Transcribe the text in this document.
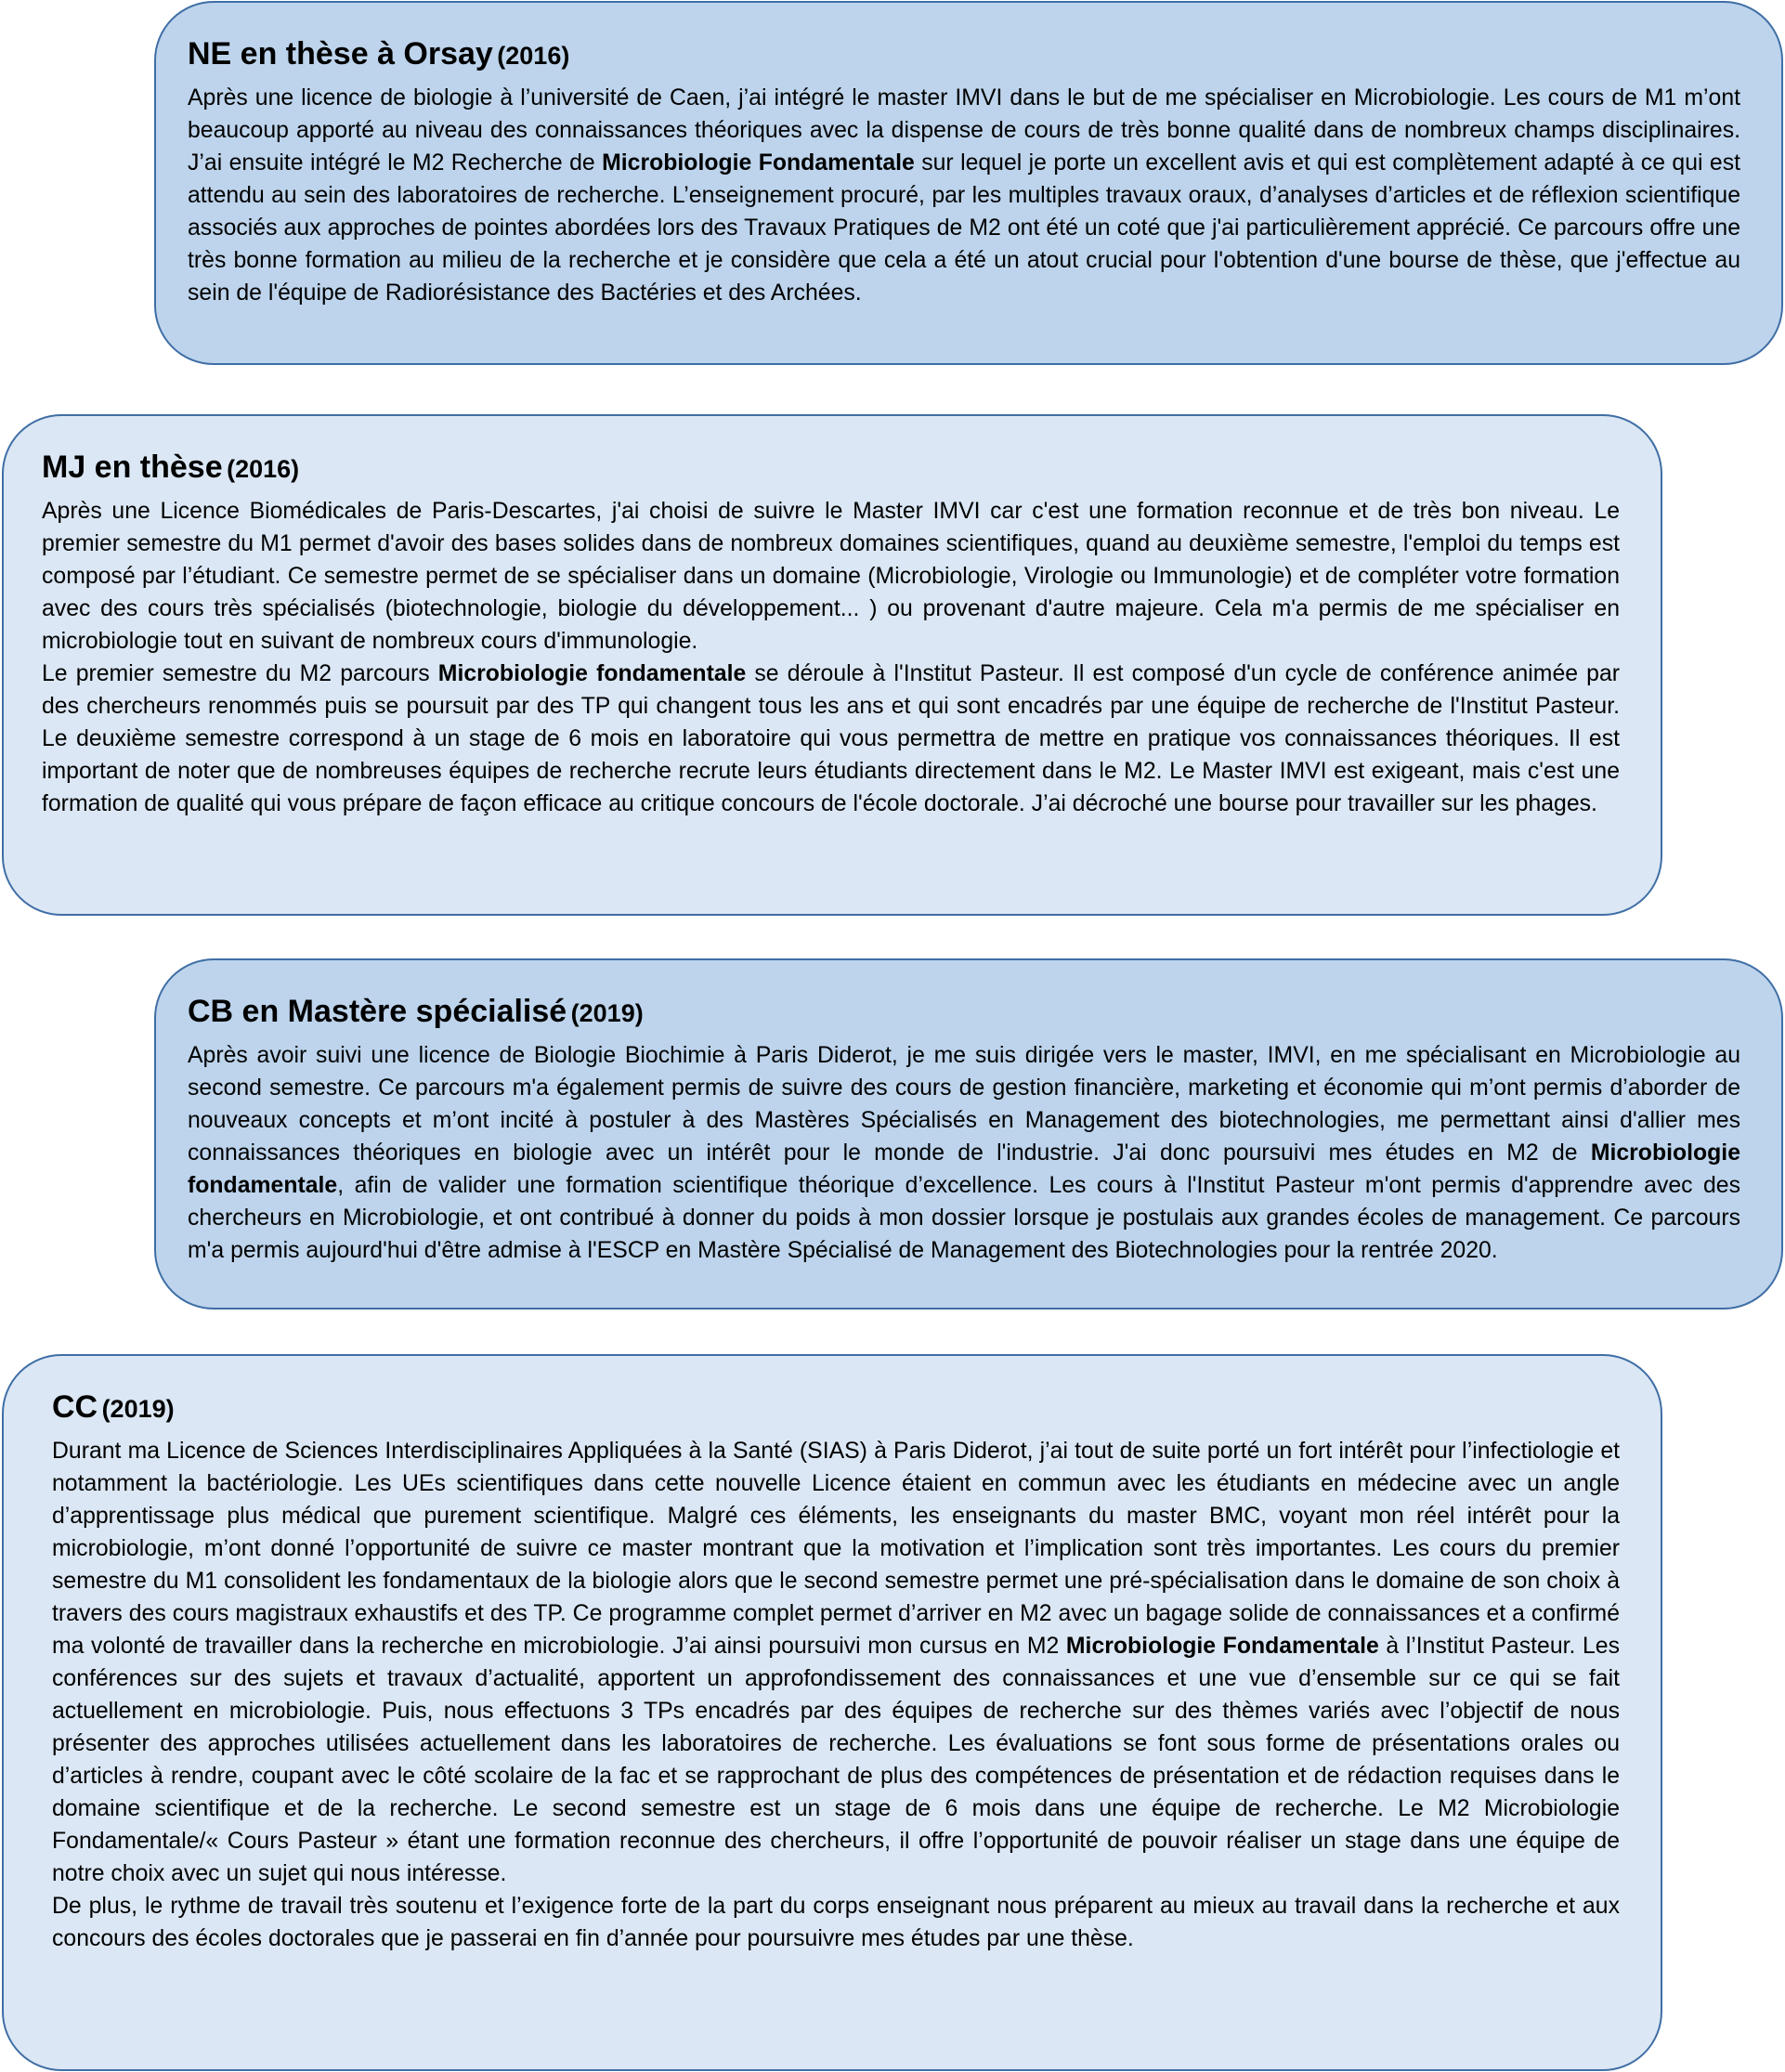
NE en thèse à Orsay (2016)

Après une licence de biologie à l’université de Caen, j’ai intégré le master IMVI dans le but de me spécialiser en Microbiologie. Les cours de M1 m’ont beaucoup apporté au niveau des connaissances théoriques avec la dispense de cours de très bonne qualité dans de nombreux champs disciplinaires. J’ai ensuite intégré le M2 Recherche de Microbiologie Fondamentale sur lequel je porte un excellent avis et qui est complètement adapté à ce qui est attendu au sein des laboratoires de recherche. L’enseignement procuré, par les multiples travaux oraux, d’analyses d’articles et de réflexion scientifique associés aux approches de pointes abordées lors des Travaux Pratiques de M2 ont été un coté que j'ai particulièrement apprécié. Ce parcours offre une très bonne formation au milieu de la recherche et je considère que cela a été un atout crucial pour l'obtention d'une bourse de thèse, que j'effectue au sein de l'équipe de Radiorésistance des Bactéries et des Archées.

MJ en thèse (2016)

Après une Licence Biomédicales de Paris-Descartes, j'ai choisi de suivre le Master IMVI car c'est une formation reconnue et de très bon niveau. Le premier semestre du M1 permet d'avoir des bases solides dans de nombreux domaines scientifiques, quand au deuxième semestre, l'emploi du temps est composé par l’étudiant. Ce semestre permet de se spécialiser dans un domaine (Microbiologie, Virologie ou Immunologie) et de compléter votre formation avec des cours très spécialisés (biotechnologie, biologie du développement... ) ou provenant d'autre majeure. Cela m'a permis de me spécialiser en microbiologie tout en suivant de nombreux cours d'immunologie.

Le premier semestre du M2 parcours Microbiologie fondamentale se déroule à l'Institut Pasteur. Il est composé d'un cycle de conférence animée par des chercheurs renommés puis se poursuit par des TP qui changent tous les ans et qui sont encadrés par une équipe de recherche de l'Institut Pasteur. Le deuxième semestre correspond à un stage de 6 mois en laboratoire qui vous permettra de mettre en pratique vos connaissances théoriques. Il est important de noter que de nombreuses équipes de recherche recrute leurs étudiants directement dans le M2. Le Master IMVI est exigeant, mais c'est une formation de qualité qui vous prépare de façon efficace au critique concours de l'école doctorale. J’ai décroché une bourse pour travailler sur les phages.

CB en Mastère spécialisé (2019)

Après avoir suivi une licence de Biologie Biochimie à Paris Diderot, je me suis dirigée vers le master, IMVI, en me spécialisant en Microbiologie au second semestre. Ce parcours m'a également permis de suivre des cours de gestion financière, marketing et économie qui m’ont permis d’aborder de nouveaux concepts et m’ont incité à postuler à des Mastères Spécialisés en Management des biotechnologies, me permettant ainsi d'allier mes connaissances théoriques en biologie avec un intérêt pour le monde de l'industrie. J'ai donc poursuivi mes études en M2 de Microbiologie fondamentale, afin de valider une formation scientifique théorique d’excellence. Les cours à l'Institut Pasteur m'ont permis d'apprendre avec des chercheurs en Microbiologie, et ont contribué à donner du poids à mon dossier lorsque je postulais aux grandes écoles de management. Ce parcours m'a permis aujourd'hui d'être admise à l'ESCP en Mastère Spécialisé de Management des Biotechnologies pour la rentrée 2020.

CC (2019)

Durant ma Licence de Sciences Interdisciplinaires Appliquées à la Santé (SIAS) à Paris Diderot, j’ai tout de suite porté un fort intérêt pour l’infectiologie et notamment la bactériologie. Les UEs scientifiques dans cette nouvelle Licence étaient en commun avec les étudiants en médecine avec un angle d’apprentissage plus médical que purement scientifique. Malgré ces éléments, les enseignants du master BMC, voyant mon réel intérêt pour la microbiologie, m’ont donné l’opportunité de suivre ce master montrant que la motivation et l’implication sont très importantes. Les cours du premier semestre du M1 consolident les fondamentaux de la biologie alors que le second semestre permet une pré-spécialisation dans le domaine de son choix à travers des cours magistraux exhaustifs et des TP. Ce programme complet permet d’arriver en M2 avec un bagage solide de connaissances et a confirmé ma volonté de travailler dans la recherche en microbiologie. J’ai ainsi poursuivi mon cursus en M2 Microbiologie Fondamentale à l’Institut Pasteur. Les conférences sur des sujets et travaux d’actualité, apportent un approfondissement des connaissances et une vue d’ensemble sur ce qui se fait actuellement en microbiologie. Puis, nous effectuons 3 TPs encadrés par des équipes de recherche sur des thèmes variés avec l’objectif de nous présenter des approches utilisées actuellement dans les laboratoires de recherche. Les évaluations se font sous forme de présentations orales ou d’articles à rendre, coupant avec le côté scolaire de la fac et se rapprochant de plus des compétences de présentation et de rédaction requises dans le domaine scientifique et de la recherche. Le second semestre est un stage de 6 mois dans une équipe de recherche. Le M2 Microbiologie Fondamentale/« Cours Pasteur » étant une formation reconnue des chercheurs, il offre l’opportunité de pouvoir réaliser un stage dans une équipe de notre choix avec un sujet qui nous intéresse.

De plus, le rythme de travail très soutenu et l’exigence forte de la part du corps enseignant nous préparent au mieux au travail dans la recherche et aux concours des écoles doctorales que je passerai en fin d’année pour poursuivre mes études par une thèse.
